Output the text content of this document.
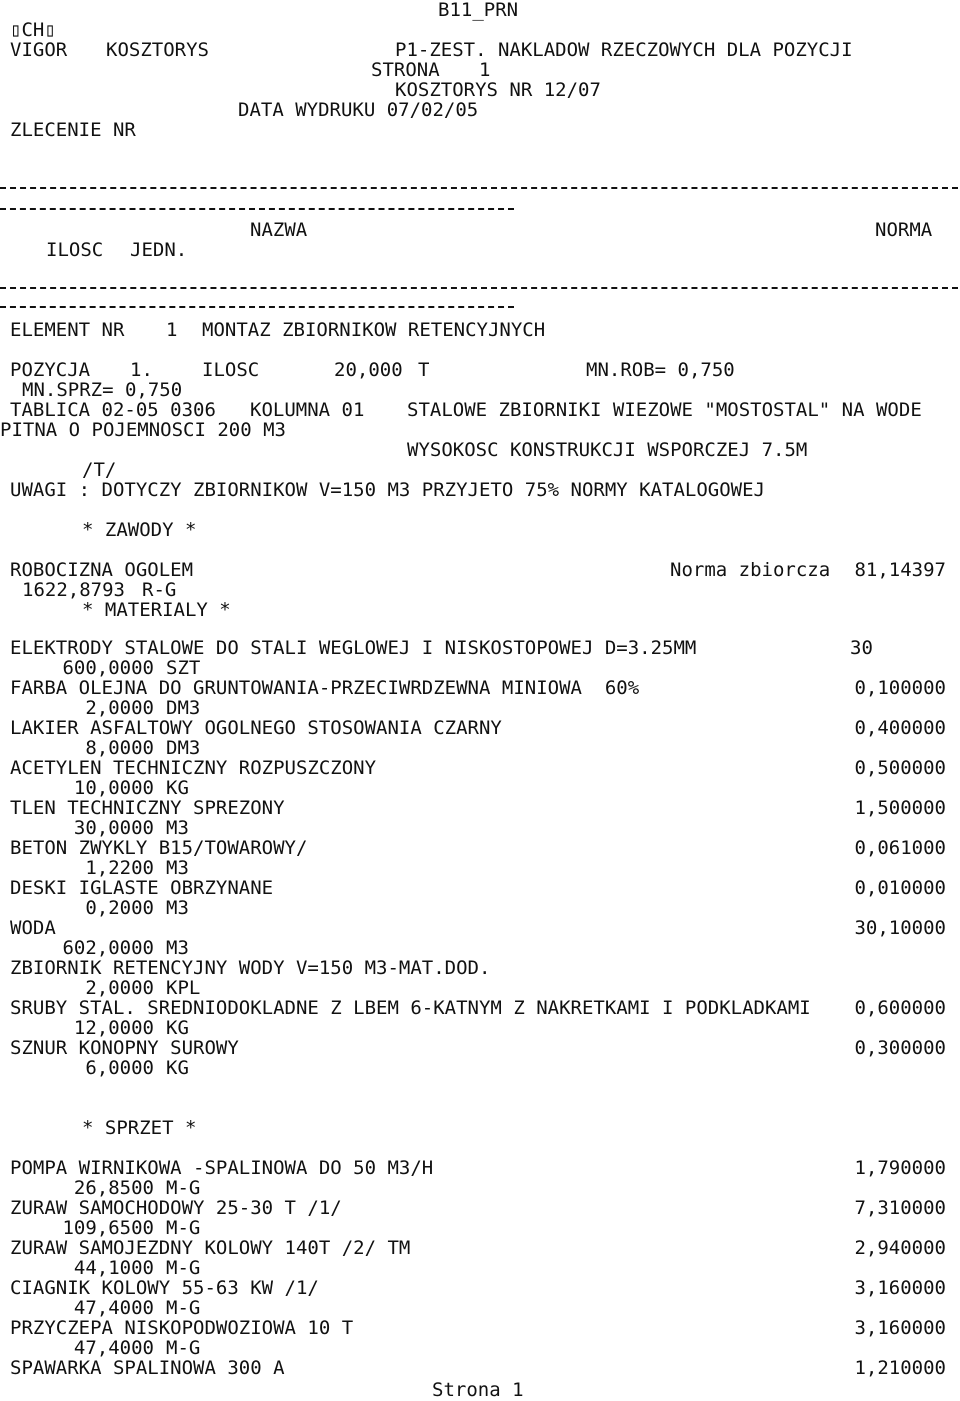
B11_PRN
▯CH▯
VIGOR KOSZTORYS	P1-ZEST. NAKLADOW RZECZOWYCH DLA POZYCJI
STRONA 1
KOSZTORYS NR 12/07
DATA WYDRUKU 07/02/05
ZLECENIE NR
NAZWA	NORMA
ILOSC JEDN.
ELEMENT NR 1 MONTAZ ZBIORNIKOW RETENCYJNYCH
POZYCJA 1.	ILOSC	20,000 T	MN.ROB= 0,750
MN.SPRZ= 0,750
TABLICA 02-05 0306 KOLUMNA 01 STALOWE ZBIORNIKI WIEZOWE "MOSTOSTAL" NA WODE
PITNA O POJEMNOSCI 200 M3
WYSOKOSC KONSTRUKCJI WSPORCZEJ 7.5M
/T/
UWAGI : DOTYCZY ZBIORNIKOW V=150 M3 PRZYJETO 75% NORMY KATALOGOWEJ
* ZAWODY *
ROBOCIZNA OGOLEM	Norma zbiorcza	81,14397
1622,8793 R-G
* MATERIALY *
ELEKTRODY STALOWE DO STALI WEGLOWEJ I NISKOSTOPOWEJ D=3.25MM	30
600,0000 SZT
FARBA OLEJNA DO GRUNTOWANIA-PRZECIWRDZEWNA MINIOWA  60%	0,100000
2,0000 DM3
LAKIER ASFALTOWY OGOLNEGO STOSOWANIA CZARNY	0,400000
8,0000 DM3
ACETYLEN TECHNICZNY ROZPUSZCZONY	0,500000
10,0000 KG
TLEN TECHNICZNY SPREZONY	1,500000
30,0000 M3
BETON ZWYKLY B15/TOWAROWY/	0,061000
1,2200 M3
DESKI IGLASTE OBRZYNANE	0,010000
0,2000 M3
WODA	30,10000
602,0000 M3
ZBIORNIK RETENCYJNY WODY V=150 M3-MAT.DOD.
2,0000 KPL
SRUBY STAL. SREDNIODOKLADNE Z LBEM 6-KATNYM Z NAKRETKAMI I PODKLADKAMI	0,600000
12,0000 KG
SZNUR KONOPNY SUROWY	0,300000
6,0000 KG
* SPRZET *
POMPA WIRNIKOWA -SPALINOWA DO 50 M3/H	1,790000
26,8500 M-G
ZURAW SAMOCHODOWY 25-30 T /1/	7,310000
109,6500 M-G
ZURAW SAMOJEZDNY KOLOWY 140T /2/ TM	2,940000
44,1000 M-G
CIAGNIK KOLOWY 55-63 KW /1/	3,160000
47,4000 M-G
PRZYCZEPA NISKOPODWOZIOWA 10 T	3,160000
47,4000 M-G
SPAWARKA SPALINOWA 300 A	1,210000
Strona 1
